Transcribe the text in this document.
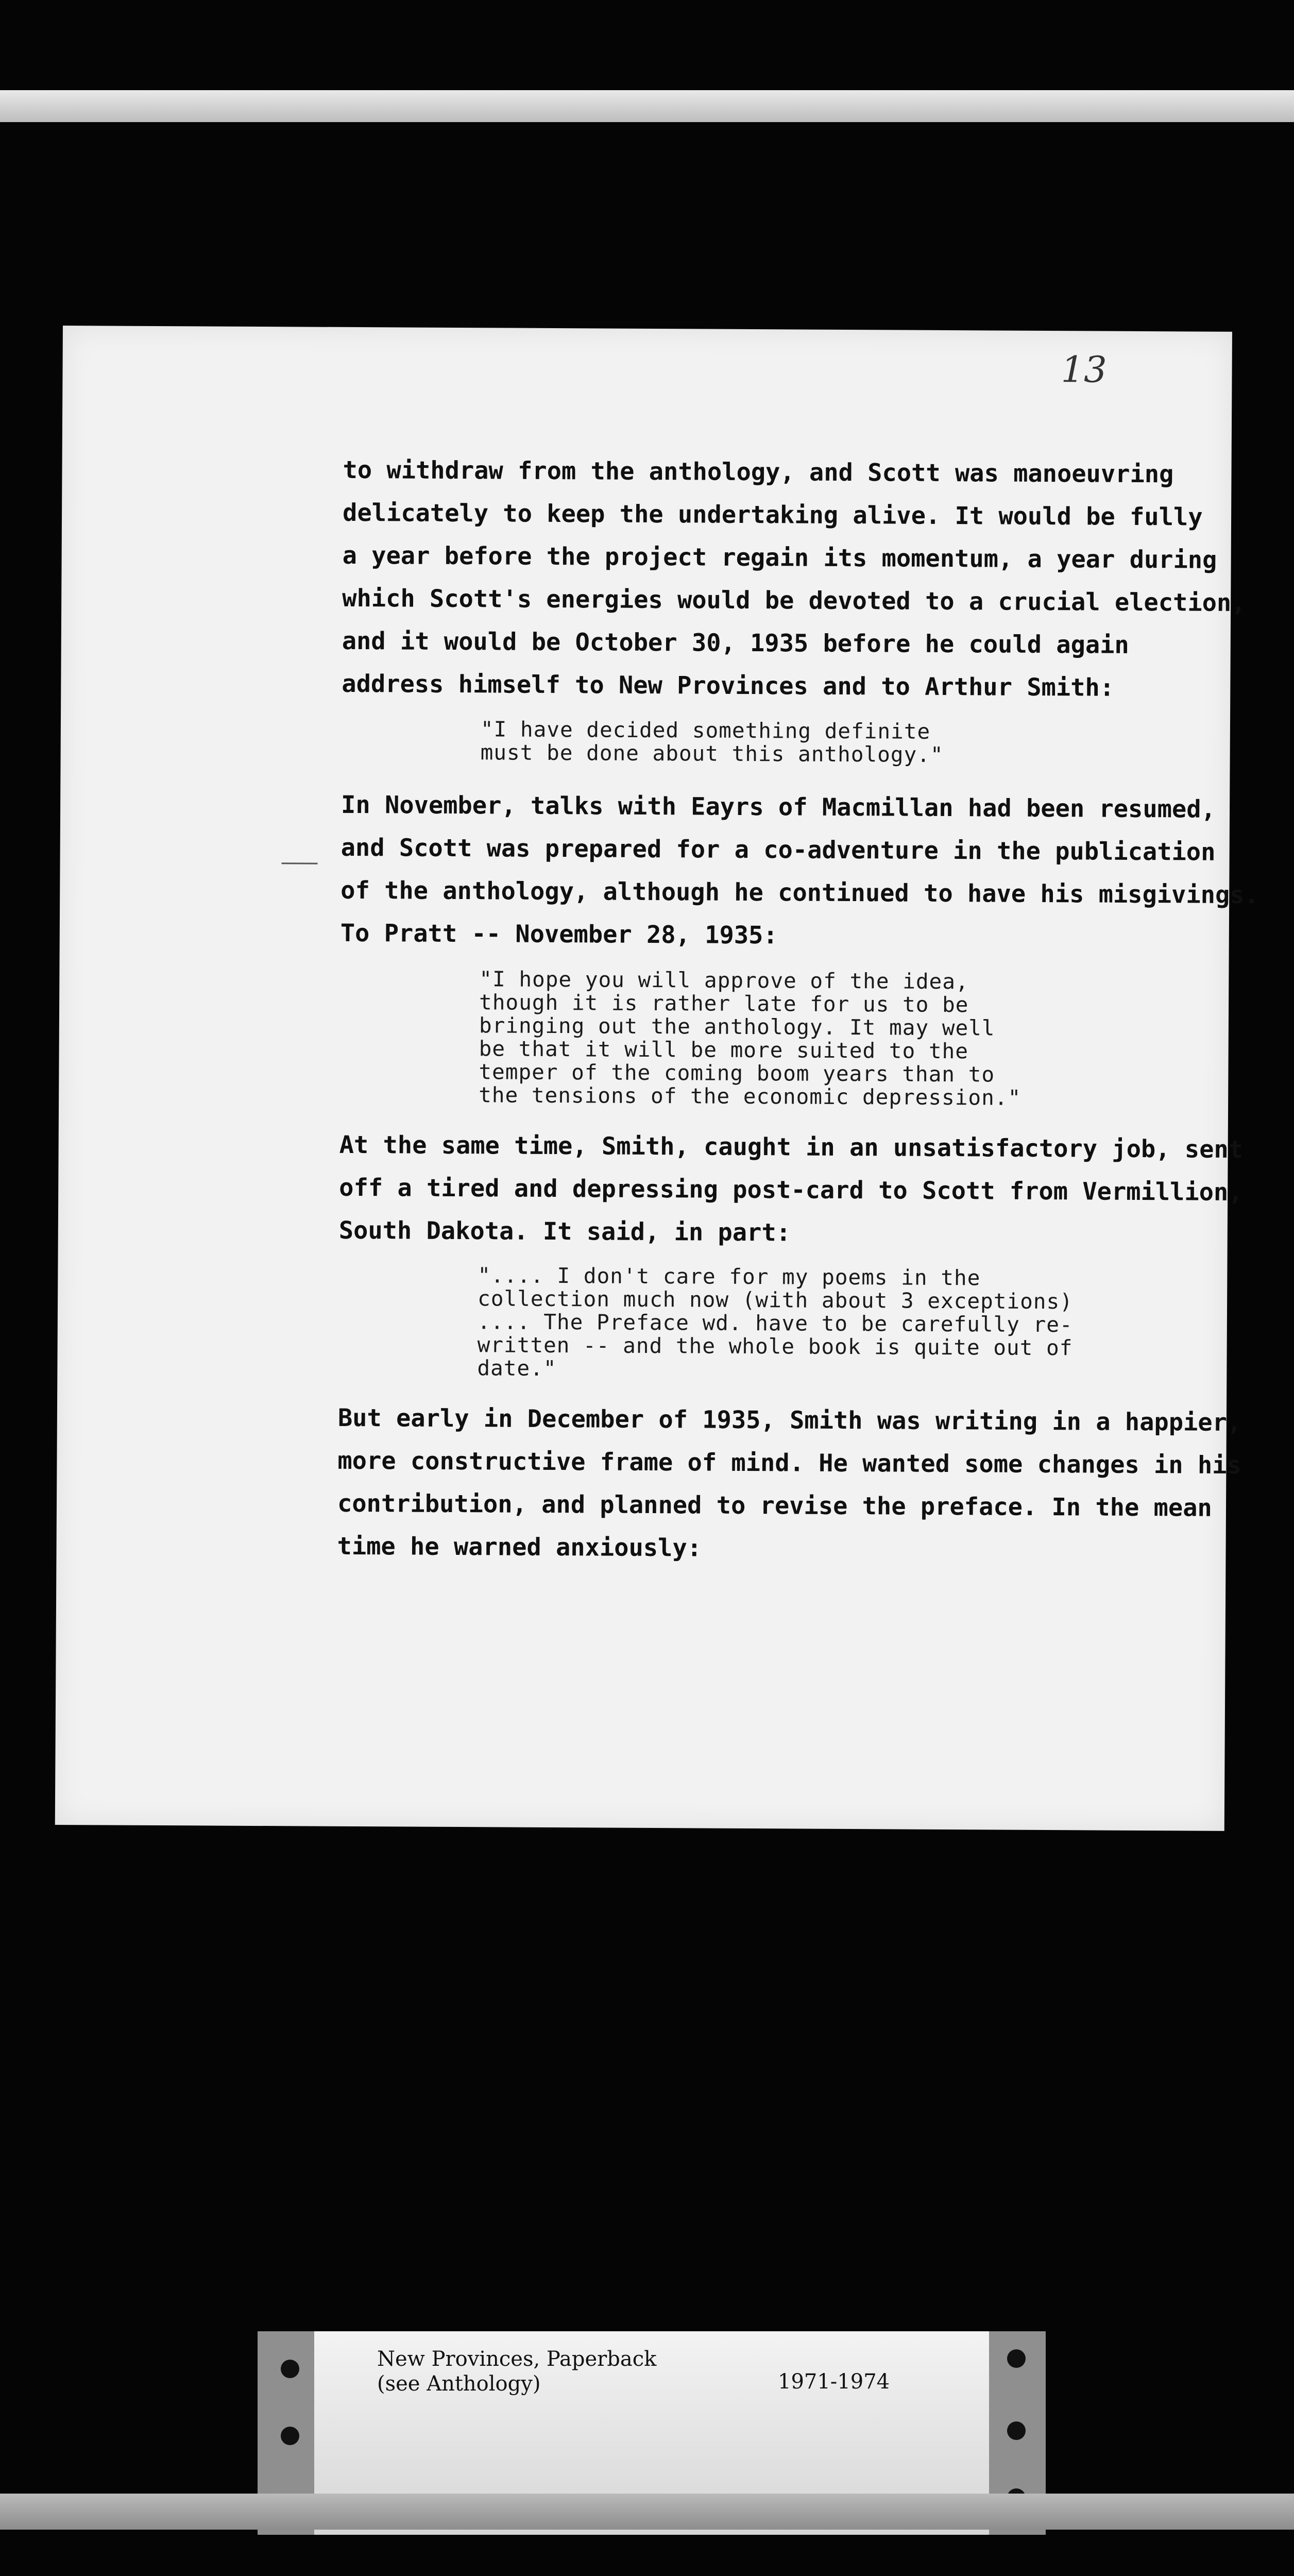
13
to withdraw from the anthology, and Scott was manoeuvring
delicately to keep the undertaking alive. It would be fully
a year before the project regain its momentum, a year during
which Scott's energies would be devoted to a crucial election,
and it would be October 30, 1935 before he could again
address himself to New Provinces and to Arthur Smith:
"I have decided something definite
must be done about this anthology."
In November, talks with Eayrs of Macmillan had been resumed,
and Scott was prepared for a co-adventure in the publication
of the anthology, although he continued to have his misgivings.
To Pratt -- November 28, 1935:
"I hope you will approve of the idea,
though it is rather late for us to be
bringing out the anthology. It may well
be that it will be more suited to the
temper of the coming boom years than to
the tensions of the economic depression."
At the same time, Smith, caught in an unsatisfactory job, sent
off a tired and depressing post-card to Scott from Vermillion,
South Dakota. It said, in part:
".... I don't care for my poems in the
collection much now (with about 3 exceptions)
.... The Preface wd. have to be carefully re-
written -- and the whole book is quite out of
date."
But early in December of 1935, Smith was writing in a happier,
more constructive frame of mind. He wanted some changes in his
contribution, and planned to revise the preface. In the mean
time he warned anxiously:
New Provinces, Paperback
(see Anthology)	1971-1974
